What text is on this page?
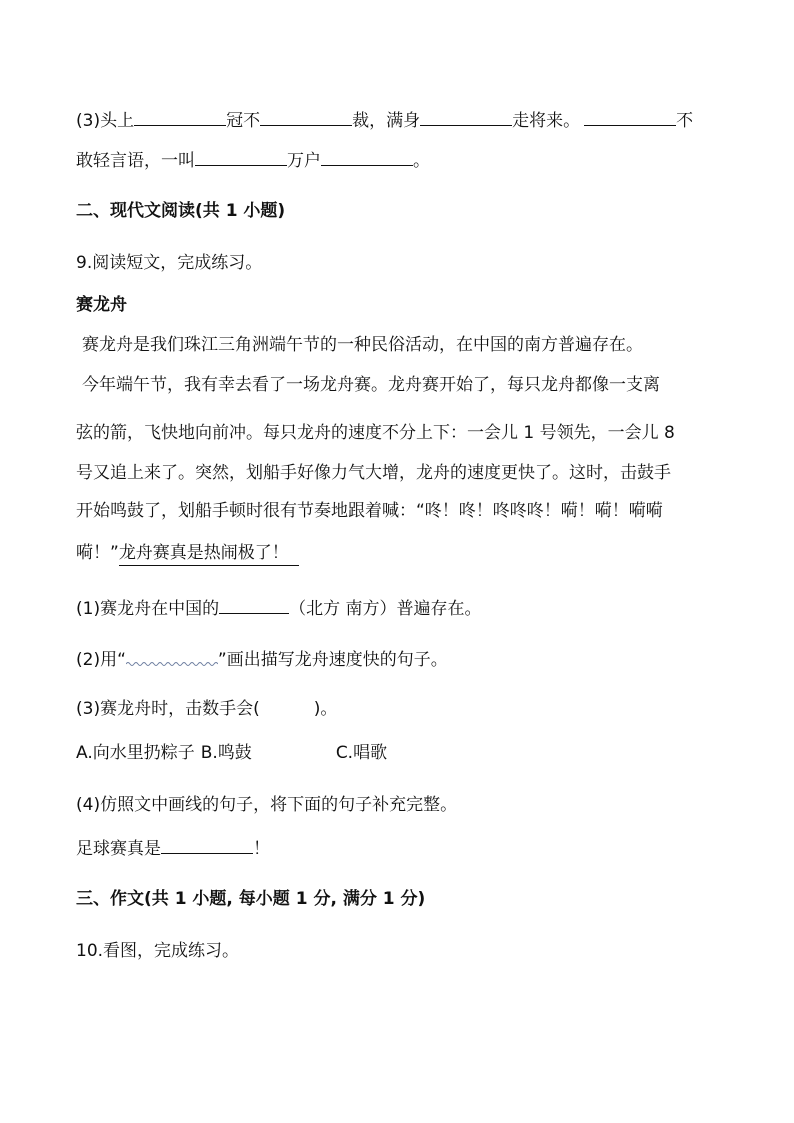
(3)头上	冠不	裁，满身	走将来。	不
敢轻言语，一叫	万户	。
二、现代文阅读(共 1 小题)
9.阅读短文，完成练习。
赛龙舟
赛龙舟是我们珠江三角洲端午节的一种民俗活动，在中国的南方普遍存在。
今年端午节，我有幸去看了一场龙舟赛。龙舟赛开始了，每只龙舟都像一支离
弦的箭，飞快地向前冲。每只龙舟的速度不分上下：一会儿 1 号领先，一会儿 8
号又追上来了。突然，划船手好像力气大增，龙舟的速度更快了。这时，击鼓手
开始鸣鼓了，划船手顿时很有节奏地跟着喊：“咚！咚！咚咚咚！嗬！嗬！嗬嗬
嗬！”龙舟赛真是热闹极了！
(1)赛龙舟在中国的	（北方 南方）普遍存在。
(2)用“	”画出描写龙舟速度快的句子。
(3)赛龙舟时，击数手会(	)。
A.向水里扔粽子 B.鸣鼓	C.唱歌
(4)仿照文中画线的句子，将下面的句子补充完整。
足球赛真是	！
三、作文(共 1 小题, 每小题 1 分, 满分 1 分)
10.看图，完成练习。
